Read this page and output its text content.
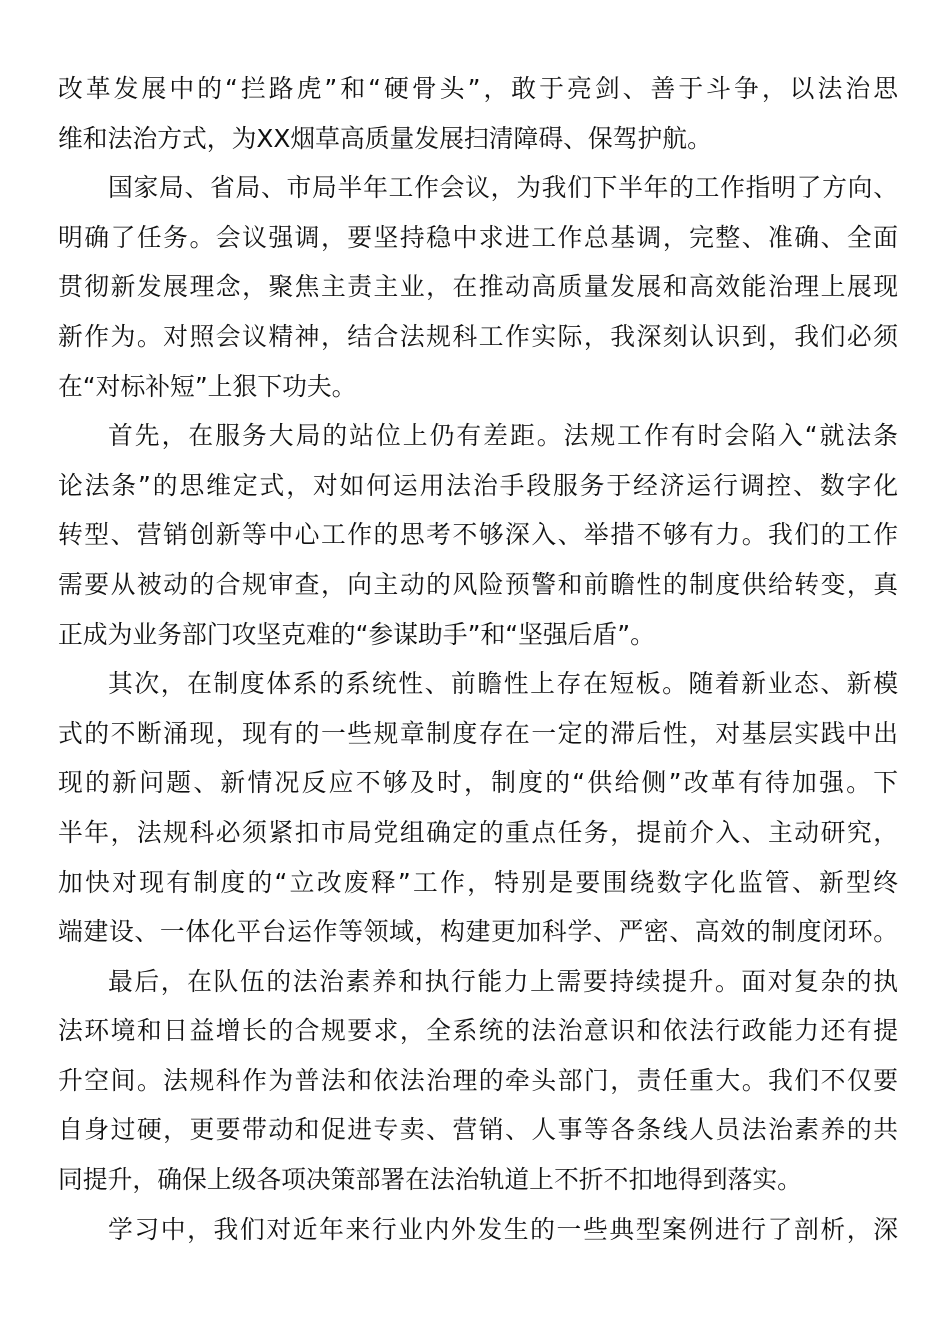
改革发展中的“拦路虎”和“硬骨头”，敢于亮剑、善于斗争，以法治思
维和法治方式，为XX烟草高质量发展扫清障碍、保驾护航。
国家局、省局、市局半年工作会议，为我们下半年的工作指明了方向、
明确了任务。会议强调，要坚持稳中求进工作总基调，完整、准确、全面
贯彻新发展理念，聚焦主责主业，在推动高质量发展和高效能治理上展现
新作为。对照会议精神，结合法规科工作实际，我深刻认识到，我们必须
在“对标补短”上狠下功夫。
首先，在服务大局的站位上仍有差距。法规工作有时会陷入“就法条
论法条”的思维定式，对如何运用法治手段服务于经济运行调控、数字化
转型、营销创新等中心工作的思考不够深入、举措不够有力。我们的工作
需要从被动的合规审查，向主动的风险预警和前瞻性的制度供给转变，真
正成为业务部门攻坚克难的“参谋助手”和“坚强后盾”。
其次，在制度体系的系统性、前瞻性上存在短板。随着新业态、新模
式的不断涌现，现有的一些规章制度存在一定的滞后性，对基层实践中出
现的新问题、新情况反应不够及时，制度的“供给侧”改革有待加强。下
半年，法规科必须紧扣市局党组确定的重点任务，提前介入、主动研究，
加快对现有制度的“立改废释”工作，特别是要围绕数字化监管、新型终
端建设、一体化平台运作等领域，构建更加科学、严密、高效的制度闭环。
最后，在队伍的法治素养和执行能力上需要持续提升。面对复杂的执
法环境和日益增长的合规要求，全系统的法治意识和依法行政能力还有提
升空间。法规科作为普法和依法治理的牵头部门，责任重大。我们不仅要
自身过硬，更要带动和促进专卖、营销、人事等各条线人员法治素养的共
同提升，确保上级各项决策部署在法治轨道上不折不扣地得到落实。
学习中，我们对近年来行业内外发生的一些典型案例进行了剖析，深
